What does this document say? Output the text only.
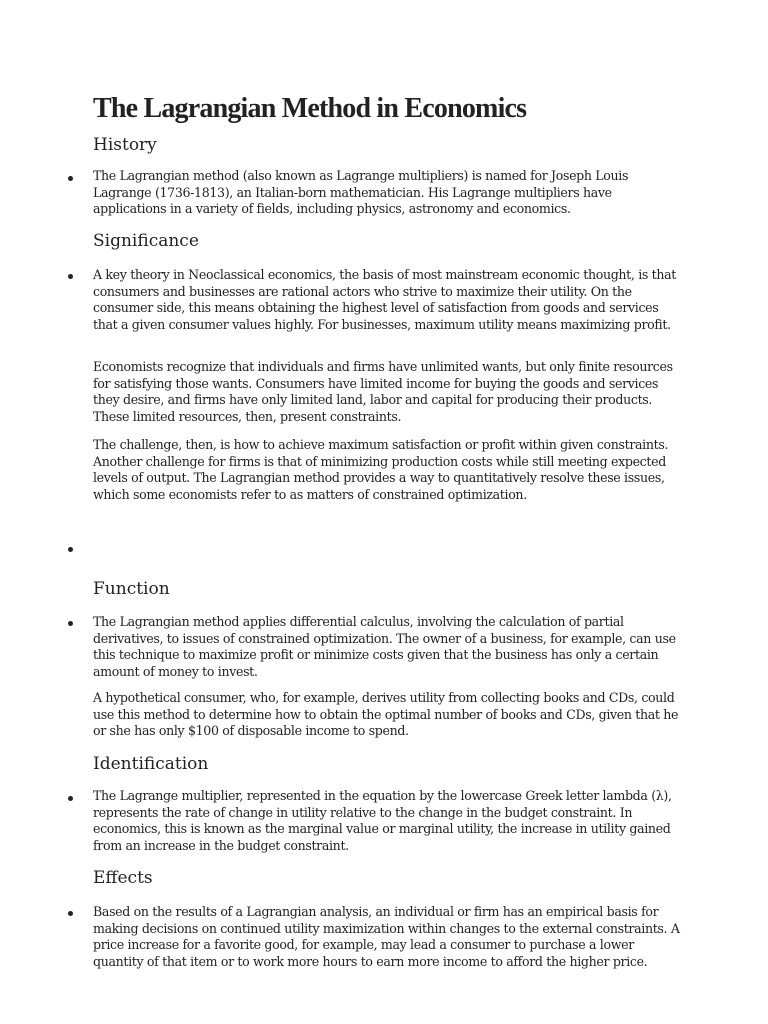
The Lagrangian Method in Economics
History

The Lagrangian method (also known as Lagrange multipliers) is named for Joseph Louis Lagrange (1736-1813), an Italian-born mathematician. His Lagrange multipliers have applications in a variety of fields, including physics, astronomy and economics.

Significance

A key theory in Neoclassical economics, the basis of most mainstream economic thought, is that consumers and businesses are rational actors who strive to maximize their utility. On the consumer side, this means obtaining the highest level of satisfaction from goods and services that a given consumer values highly. For businesses, maximum utility means maximizing profit.

Economists recognize that individuals and firms have unlimited wants, but only finite resources for satisfying those wants. Consumers have limited income for buying the goods and services they desire, and firms have only limited land, labor and capital for producing their products. These limited resources, then, present constraints.

The challenge, then, is how to achieve maximum satisfaction or profit within given constraints. Another challenge for firms is that of minimizing production costs while still meeting expected levels of output. The Lagrangian method provides a way to quantitatively resolve these issues, which some economists refer to as matters of constrained optimization.

Function

The Lagrangian method applies differential calculus, involving the calculation of partial derivatives, to issues of constrained optimization. The owner of a business, for example, can use this technique to maximize profit or minimize costs given that the business has only a certain amount of money to invest.

A hypothetical consumer, who, for example, derives utility from collecting books and CDs, could use this method to determine how to obtain the optimal number of books and CDs, given that he or she has only $100 of disposable income to spend.

Identification

The Lagrange multiplier, represented in the equation by the lowercase Greek letter lambda (λ), represents the rate of change in utility relative to the change in the budget constraint. In economics, this is known as the marginal value or marginal utility, the increase in utility gained from an increase in the budget constraint.

Effects

Based on the results of a Lagrangian analysis, an individual or firm has an empirical basis for making decisions on continued utility maximization within changes to the external constraints. A price increase for a favorite good, for example, may lead a consumer to purchase a lower quantity of that item or to work more hours to earn more income to afford the higher price.
